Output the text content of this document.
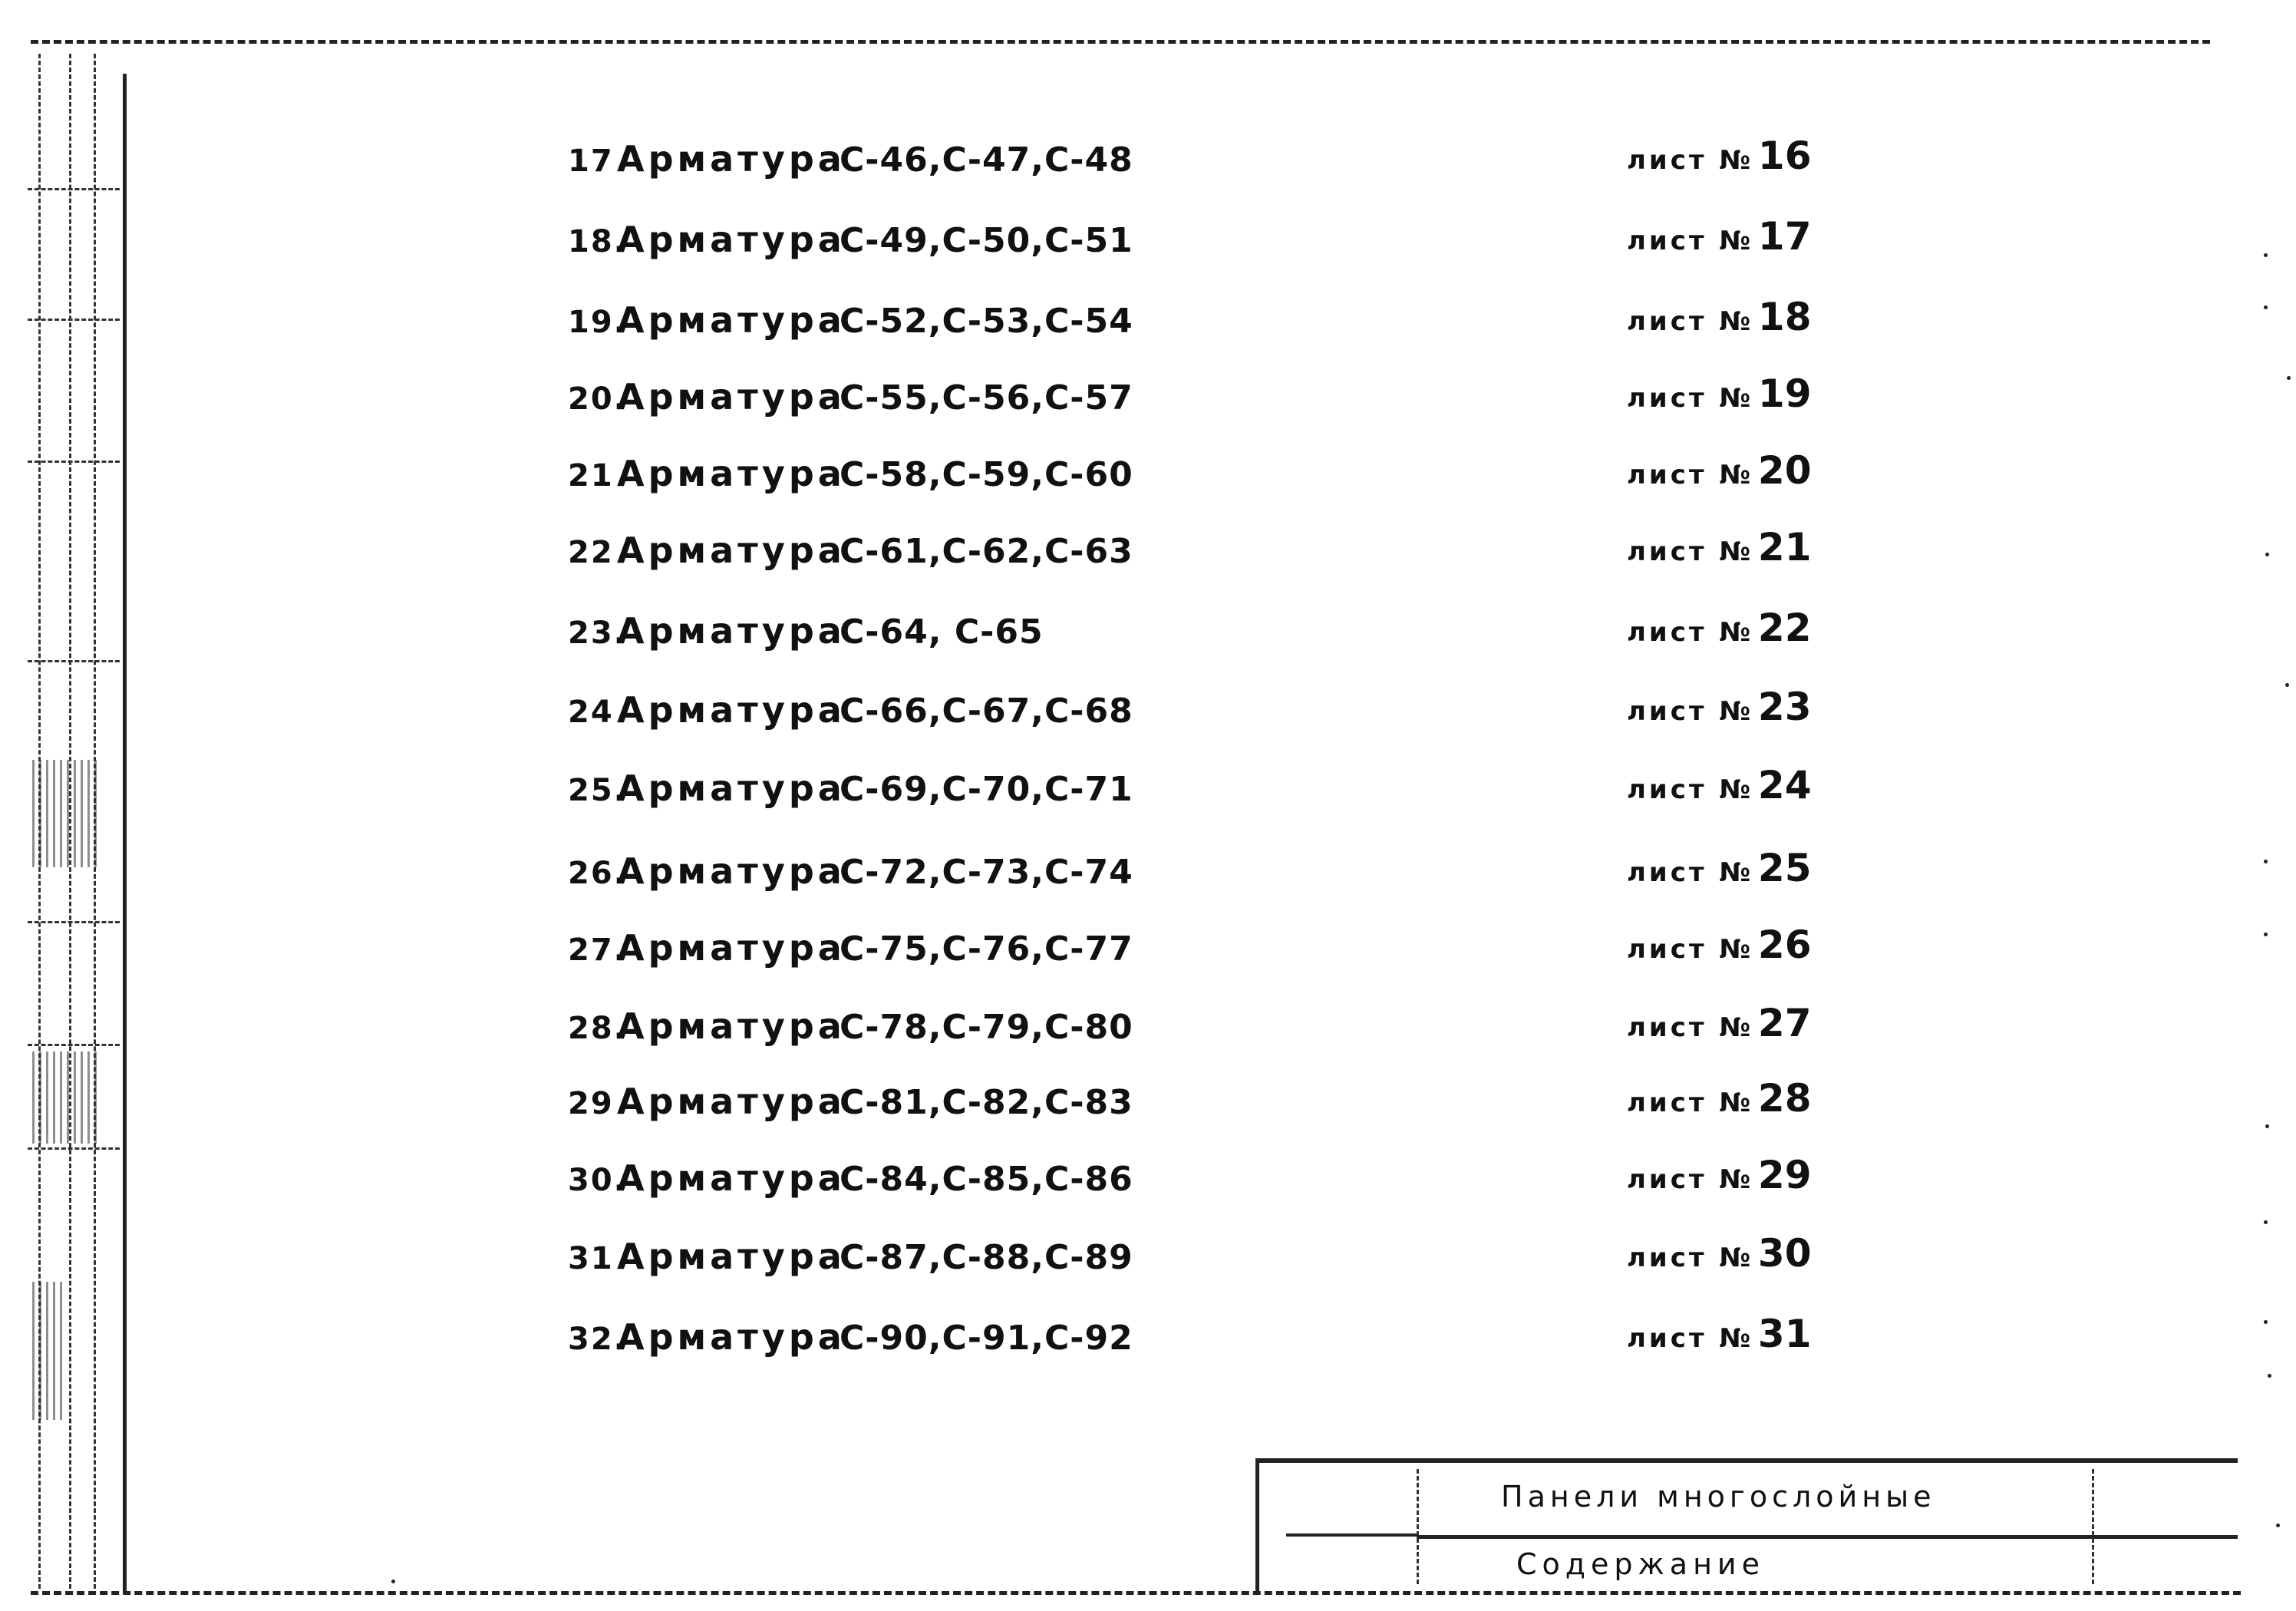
17АрматураС-46,С-47,С-48	лист № 16
18.АрматураС-49,С-50,С-51	лист № 17
19.АрматураС-52,С-53,С-54	лист № 18
20.АрматураС-55,С-56,С-57	лист № 19
21АрматураС-58,С-59,С-60	лист № 20
22АрматураС-61,С-62,С-63	лист № 21
23.АрматураС-64, С-65	лист № 22
24АрматураС-66,С-67,С-68	лист № 23
25.АрматураС-69,С-70,С-71	лист № 24
26.АрматураС-72,С-73,С-74	лист № 25
27.АрматураС-75,С-76,С-77	лист № 26
28.АрматураС-78,С-79,С-80	лист № 27
29АрматураС-81,С-82,С-83	лист № 28
30.АрматураС-84,С-85,С-86	лист № 29
31АрматураС-87,С-88,С-89	лист № 30
32.АрматураС-90,С-91,С-92	лист № 31
Панели многослойные
Содержание
